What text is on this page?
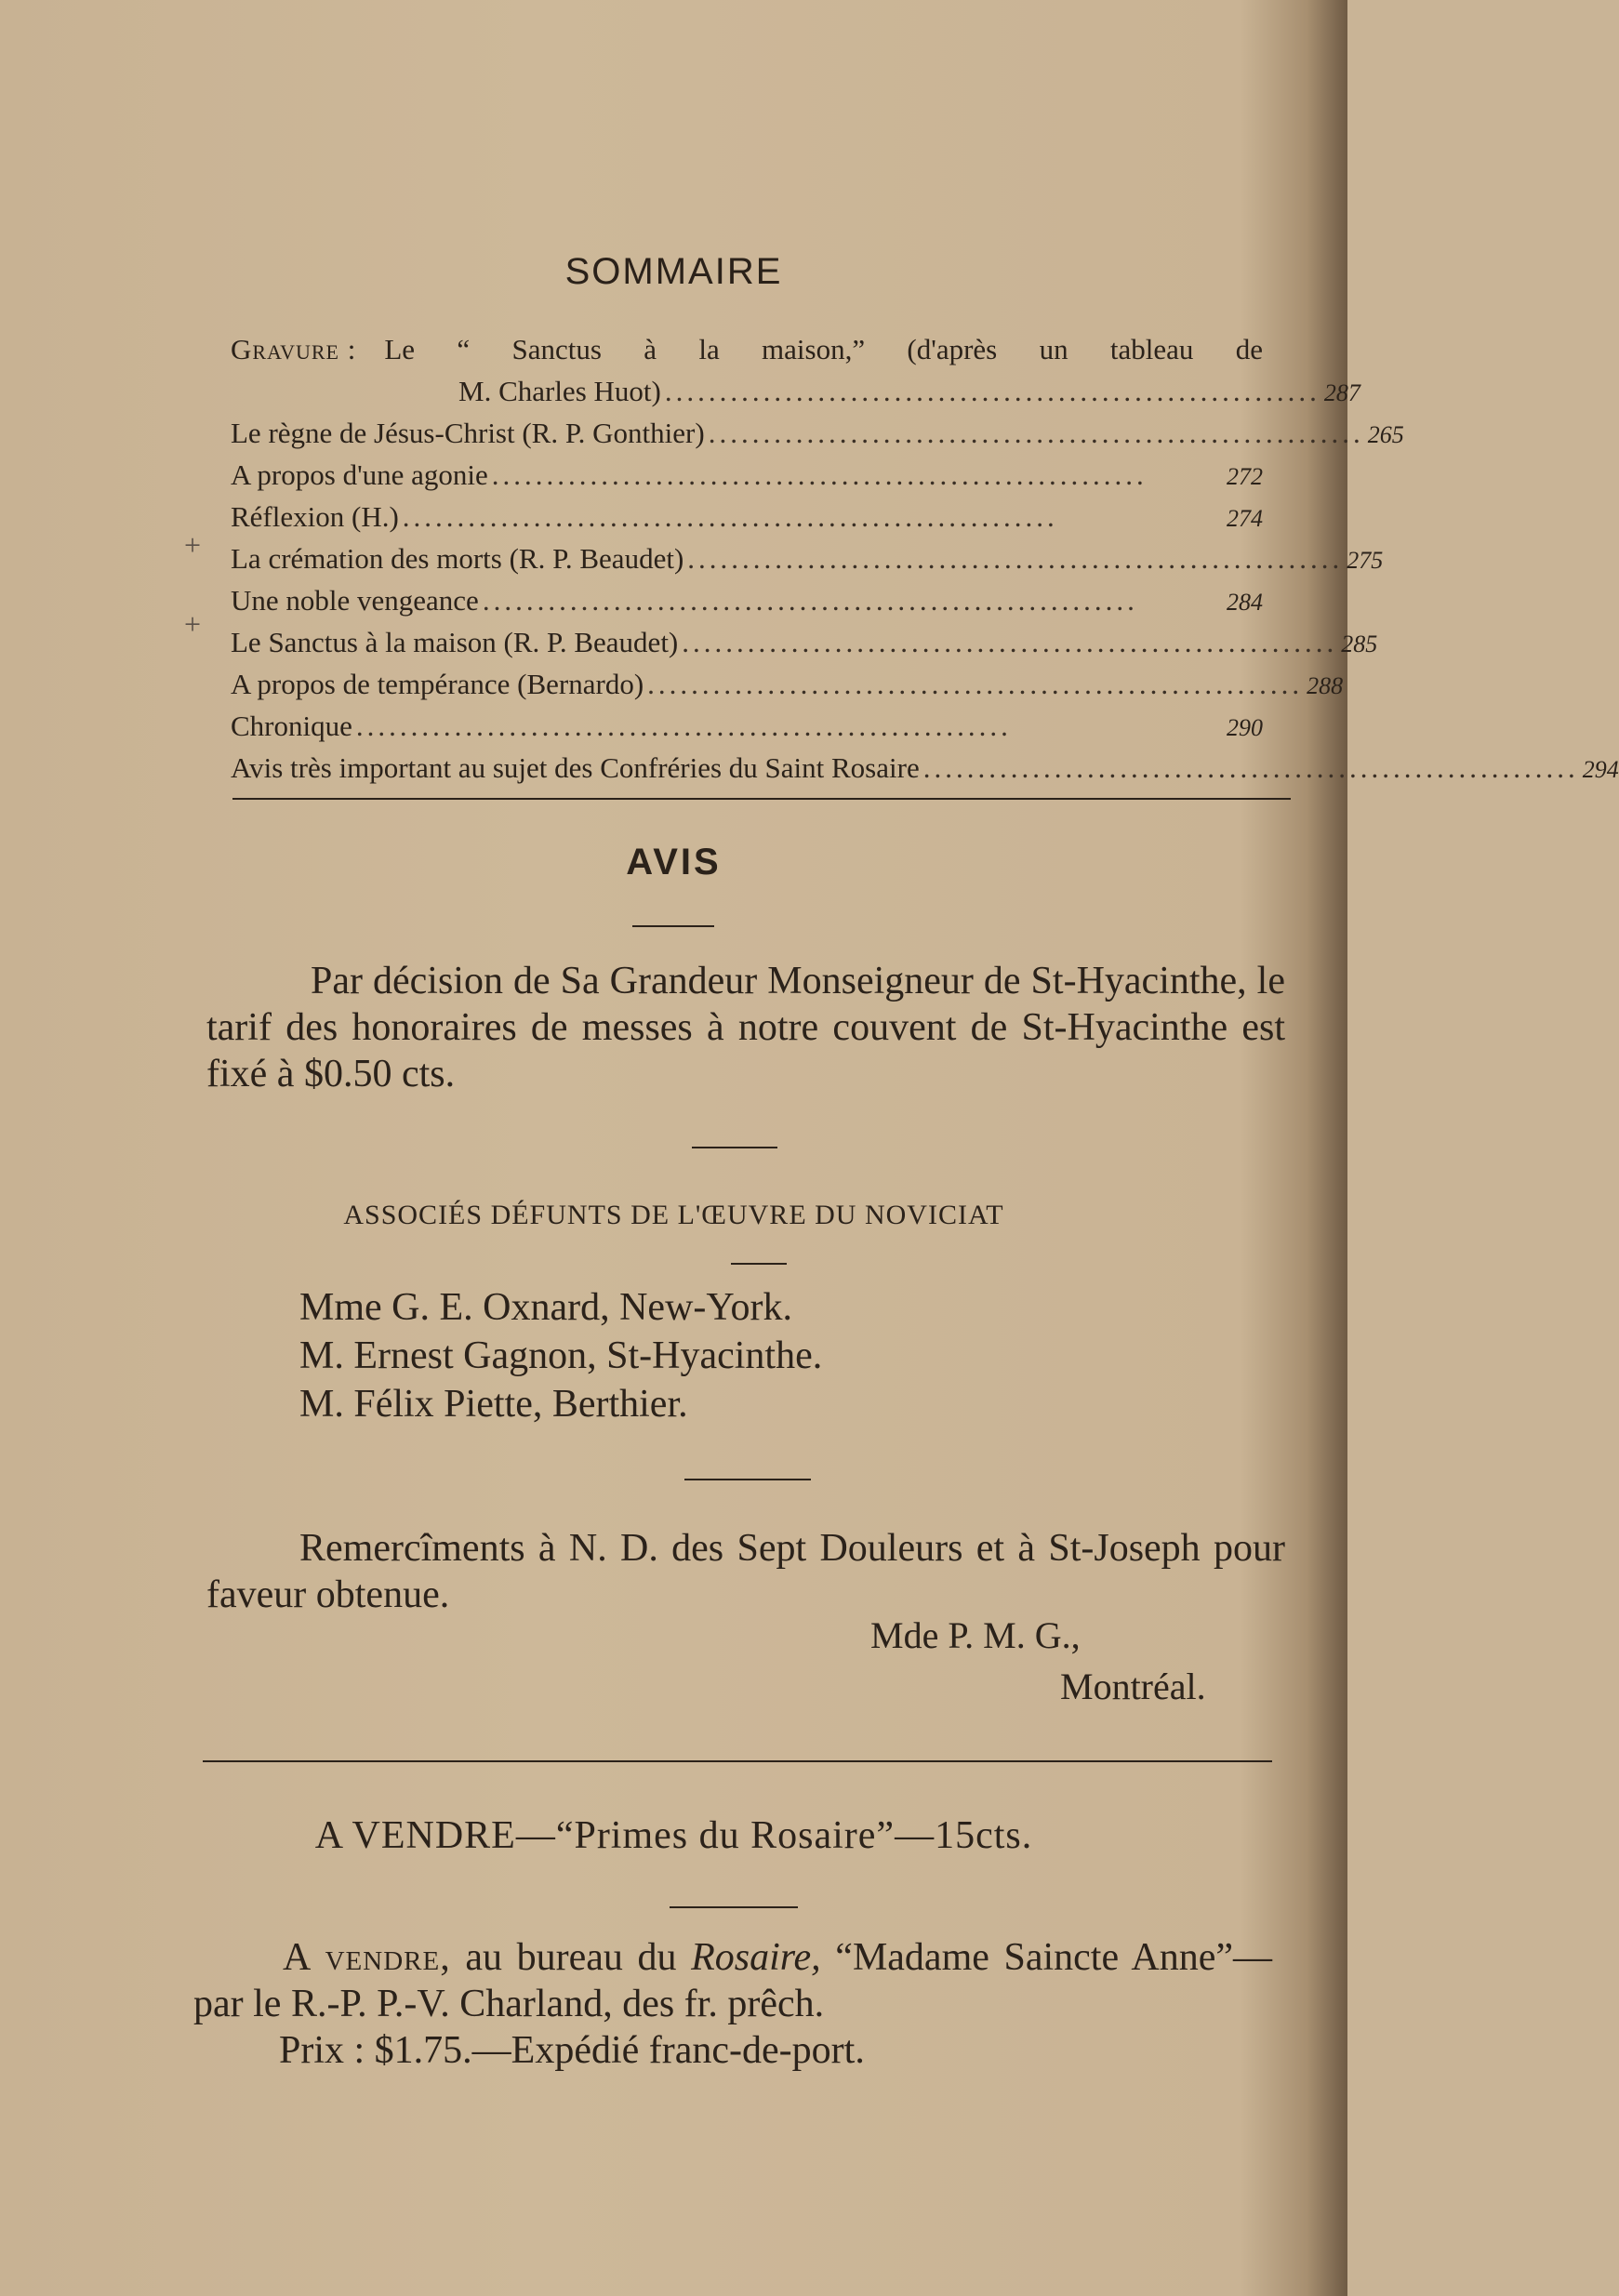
SOMMAIRE
Gravure : Le “ Sanctus à la maison,” (d'après un tableau de
M. Charles Huot) ............................................................ 287
Le règne de Jésus-Christ (R. P. Gonthier) ............................................................ 265
A propos d'une agonie ............................................................	272
Réflexion (H.) ............................................................	274
La crémation des morts (R. P. Beaudet) ............................................................ 275
Une noble vengeance ............................................................	284
Le Sanctus à la maison (R. P. Beaudet) ............................................................ 285
A propos de tempérance (Bernardo) ............................................................ 288
Chronique ............................................................	290
Avis très important au sujet des Confréries du Saint Rosaire ............................................................ 294
+
+
AVIS
Par décision de Sa Grandeur Monseigneur de St-Hyacinthe, le tarif des honoraires de messes à notre couvent de St-Hyacinthe est fixé à $0.50 cts.
ASSOCIÉS DÉFUNTS DE L'ŒUVRE DU NOVICIAT
Mme G. E. Oxnard, New-York.
M. Ernest Gagnon, St-Hyacinthe.
M. Félix Piette, Berthier.
Remercîments à N. D. des Sept Douleurs et à St-Joseph pour faveur obtenue.
Mde P. M. G.,
Montréal.
A VENDRE—“Primes du Rosaire”—15cts.
A vendre, au bureau du Rosaire, “Madame Saincte Anne”—par le R.-P. P.-V. Charland, des fr. prêch.
Prix : $1.75.—Expédié franc-de-port.
